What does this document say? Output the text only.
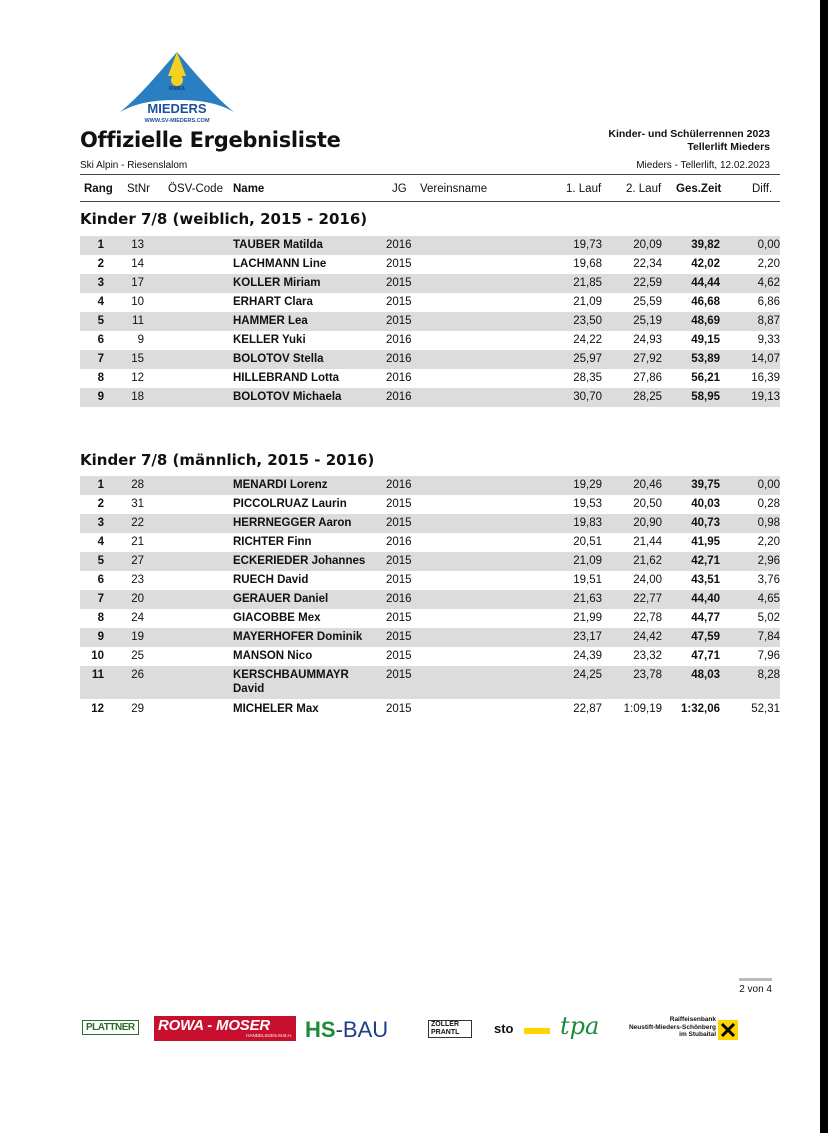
RAIKA
MIEDERS
WWW.SV-MIEDERS.COM
Offizielle Ergebnisliste
Ski Alpin - Riesenslalom
Kinder- und Schülerrennen 2023
Tellerlift Mieders
Mieders - Tellerlift, 12.02.2023
Rang StNr ÖSV-Code Name	JG Vereinsname	1. Lauf 2. Lauf Ges.Zeit	Diff.
Kinder 7/8 (weiblich, 2015 - 2016)
1 13	TAUBER Matilda	2016	19,73	20,09	39,82	0,00
2 14	LACHMANN Line	2015	19,68	22,34	42,02	2,20
3 17	KOLLER Miriam	2015	21,85	22,59	44,44	4,62
4 10	ERHART Clara	2015	21,09	25,59	46,68	6,86
5	11	HAMMER Lea	2015	23,50	25,19	48,69	8,87
6	9	KELLER Yuki	2016	24,22	24,93	49,15	9,33
7 15	BOLOTOV Stella	2016	25,97	27,92	53,89	14,07
8 12	HILLEBRAND Lotta	2016	28,35	27,86	56,21	16,39
9 18	BOLOTOV Michaela	2016	30,70	28,25	58,95	19,13
Kinder 7/8 (männlich, 2015 - 2016)
1 28	MENARDI Lorenz	2016	19,29	20,46	39,75	0,00
2 31	PICCOLRUAZ Laurin	2015	19,53	20,50	40,03	0,28
3 22	HERRNEGGER Aaron	2015	19,83	20,90	40,73	0,98
4 21	RICHTER Finn	2016	20,51	21,44	41,95	2,20
5 27	ECKERIEDER Johannes 2015	21,09	21,62	42,71	2,96
6 23	RUECH David	2015	19,51	24,00	43,51	3,76
7 20	GERAUER Daniel	2016	21,63	22,77	44,40	4,65
8 24	GIACOBBE Mex	2015	21,99	22,78	44,77	5,02
9 19	MAYERHOFER Dominik 2015	23,17	24,42	47,59	7,84
10 25	MANSON Nico	2015	24,39	23,32	47,71	7,96
11 26	KERSCHBAUMMAYR	2015	24,25	23,78	48,03	8,28
David
12 29	MICHELER Max	2015	22,87	1:09,19	1:32,06	52,31
2 von 4
PLATTNER ROWA - MOSER
HANDELSGES.M.B.H. HS-BAU	ZOLLER
PRANTL	sto	tpa	Raiffeisenbank
Neustift-Mieders-Schönberg
im Stubaital
